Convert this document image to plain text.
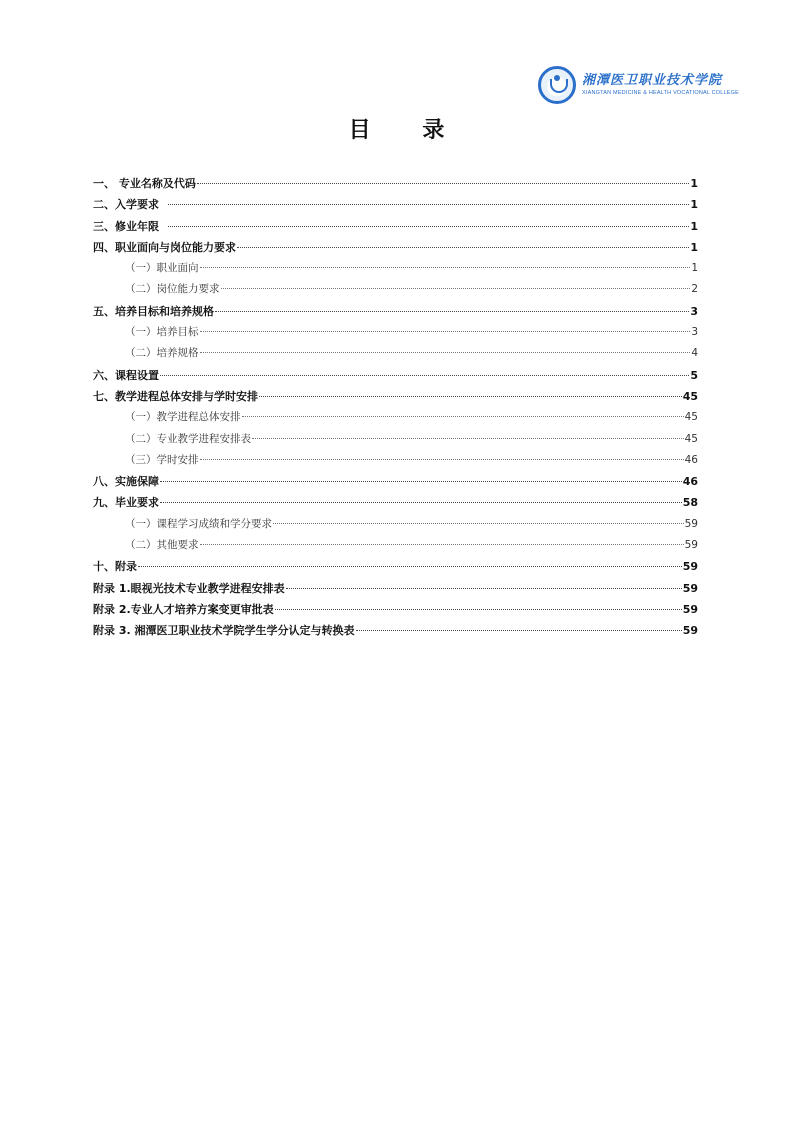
湘潭医卫职业技术学院
XIANGTAN MEDICINE & HEALTH VOCATIONAL COLLEGE
目 录
一、 专业名称及代码	1
二、入学要求	1
三、修业年限	1
四、职业面向与岗位能力要求	1
（一）职业面向	1
（二）岗位能力要求	2
五、培养目标和培养规格	3
（一）培养目标	3
（二）培养规格	4
六、课程设置	5
七、教学进程总体安排与学时安排	45
（一）教学进程总体安排	45
（二）专业教学进程安排表	45
（三）学时安排	46
八、实施保障	46
九、毕业要求	58
（一）课程学习成绩和学分要求	59
（二）其他要求	59
十、附录	59
附录 1.眼视光技术专业教学进程安排表	59
附录 2.专业人才培养方案变更审批表	59
附录 3. 湘潭医卫职业技术学院学生学分认定与转换表	59
